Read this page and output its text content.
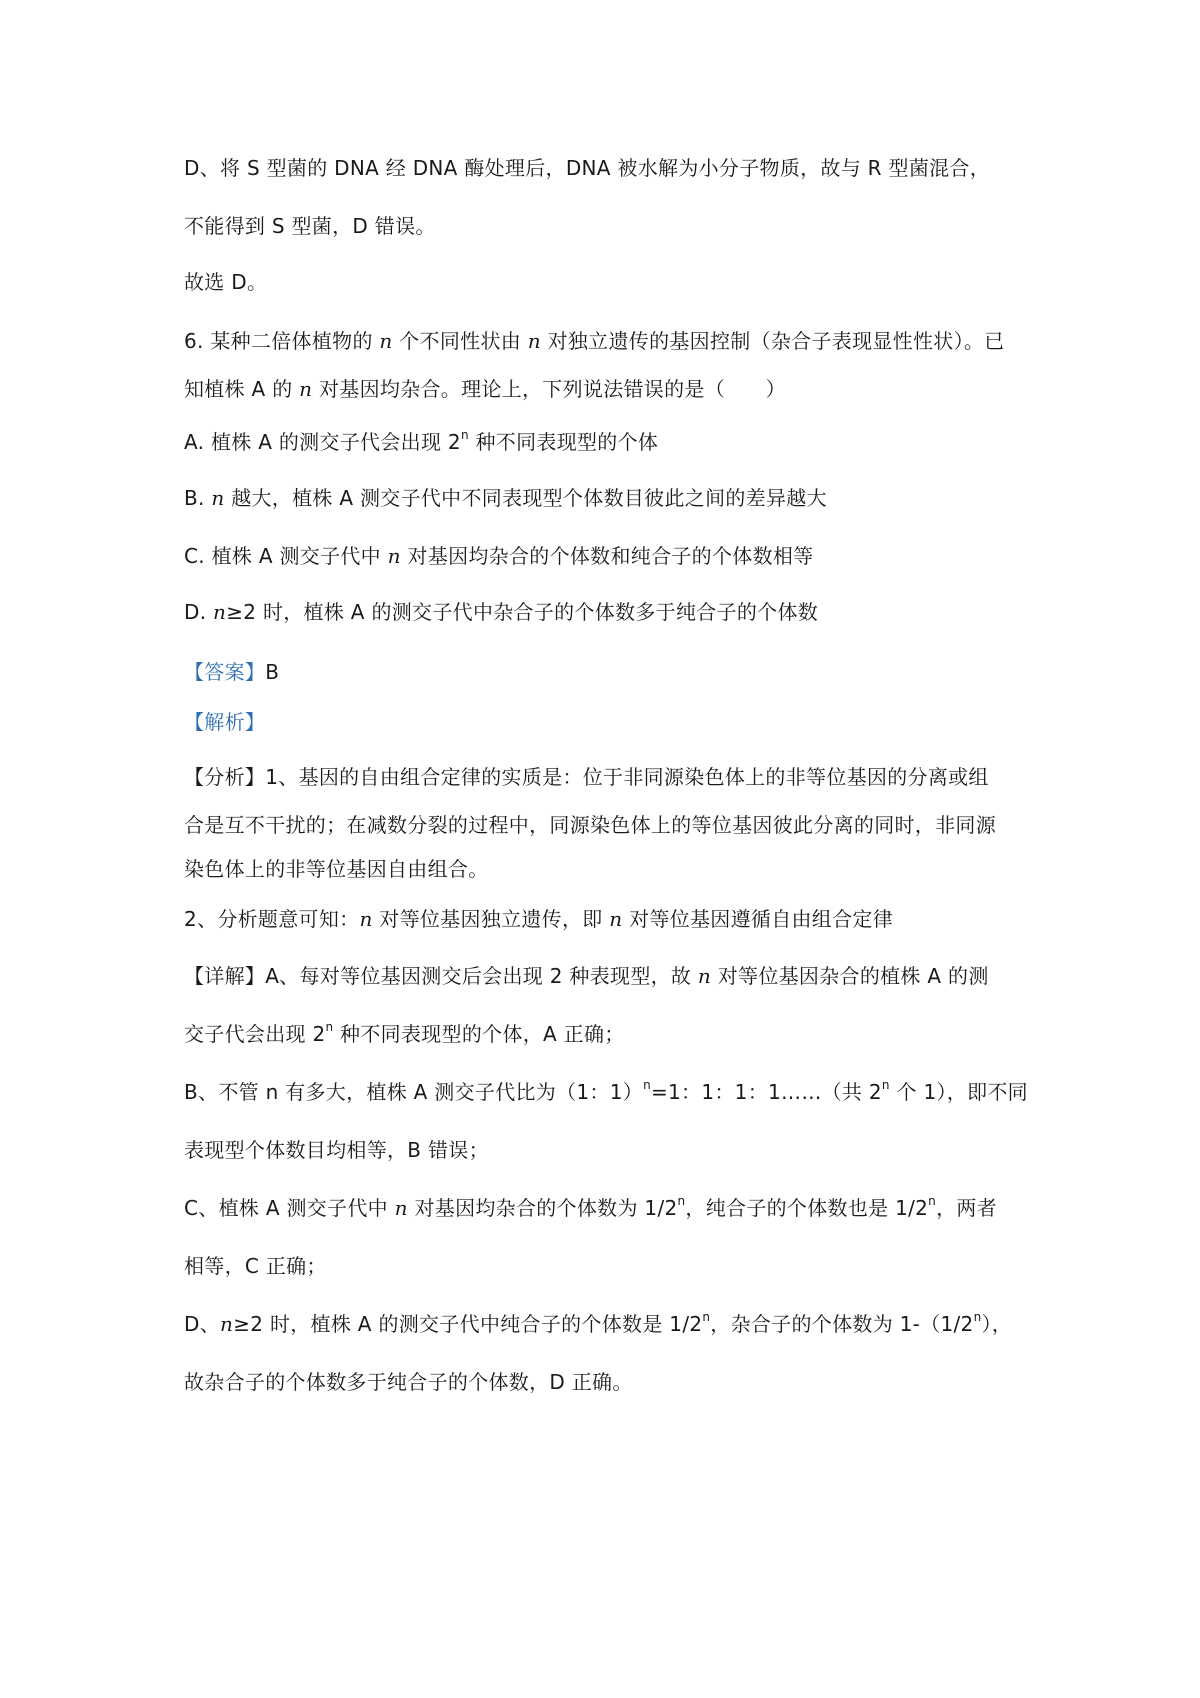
D、将 S 型菌的 DNA 经 DNA 酶处理后，DNA 被水解为小分子物质，故与 R 型菌混合，
不能得到 S 型菌，D 错误。
故选 D。
6. 某种二倍体植物的 n 个不同性状由 n 对独立遗传的基因控制（杂合子表现显性性状）。已
知植株 A 的 n 对基因均杂合。理论上，下列说法错误的是（　　）
A. 植株 A 的测交子代会出现 2$^n$ 种不同表现型的个体
B. n 越大，植株 A 测交子代中不同表现型个体数目彼此之间的差异越大
C. 植株 A 测交子代中 n 对基因均杂合的个体数和纯合子的个体数相等
D. n≥2 时，植株 A 的测交子代中杂合子的个体数多于纯合子的个体数
【答案】B
【解析】
【分析】1、基因的自由组合定律的实质是：位于非同源染色体上的非等位基因的分离或组
合是互不干扰的；在减数分裂的过程中，同源染色体上的等位基因彼此分离的同时，非同源
染色体上的非等位基因自由组合。
2、分析题意可知：n 对等位基因独立遗传，即 n 对等位基因遵循自由组合定律
【详解】A、每对等位基因测交后会出现 2 种表现型，故 n 对等位基因杂合的植株 A 的测
交子代会出现 2$^n$ 种不同表现型的个体，A 正确；
B、不管 n 有多大，植株 A 测交子代比为（1：1）$^n$=1：1：1：1……（共 2$^n$ 个 1），即不同
表现型个体数目均相等，B 错误；
C、植株 A 测交子代中 n 对基因均杂合的个体数为 1/2$^n$，纯合子的个体数也是 1/2$^n$，两者
相等，C 正确；
D、n≥2 时，植株 A 的测交子代中纯合子的个体数是 1/2$^n$，杂合子的个体数为 1-（1/2$^n$），
故杂合子的个体数多于纯合子的个体数，D 正确。
